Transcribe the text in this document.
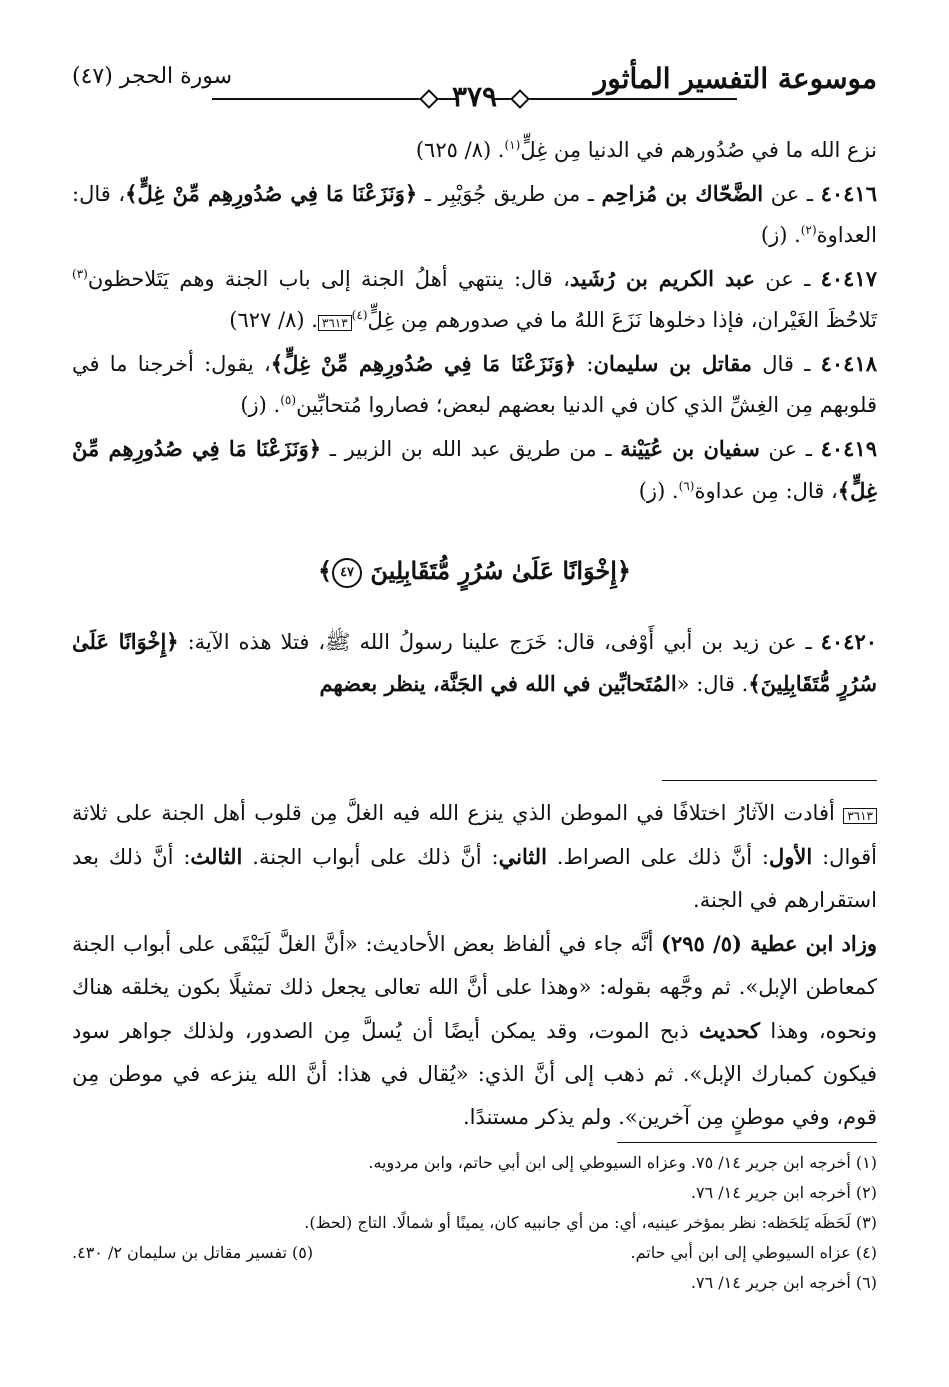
موسوعة التفسير المأثور
سورة الحجر (٤٧)
٣٧٩

نزع الله ما في صُدُورهم في الدنيا مِن غِلٍّ$^{(١)}$. (٨/ ٦٢٥)

٤٠٤١٦ ـ عن الضَّحّاك بن مُزاحِم ـ من طريق جُوَيْبِر ـ ﴿وَنَزَعْنَا مَا فِي صُدُورِهِم مِّنْ غِلٍّ﴾، قال: العداوة$^{(٢)}$. (ز)

٤٠٤١٧ ـ عن عبد الكريم بن رُشَيد، قال: ينتهي أهلُ الجنة إلى باب الجنة وهم يَتَلاحظون$^{(٣)}$ تَلاحُظَ الغَيْران، فإذا دخلوها نَزَعَ اللهُ ما في صدورهم مِن غِلٍّ$^{(٤)}$٣٦١٣. (٨/ ٦٢٧)

٤٠٤١٨ ـ قال مقاتل بن سليمان: ﴿وَنَزَعْنَا مَا فِي صُدُورِهِم مِّنْ غِلٍّ﴾، يقول: أخرجنا ما في قلوبهم مِن الغِشِّ الذي كان في الدنيا بعضهم لبعض؛ فصاروا مُتحابِّين$^{(٥)}$. (ز)

٤٠٤١٩ ـ عن سفيان بن عُيَيْنة ـ من طريق عبد الله بن الزبير ـ ﴿وَنَزَعْنَا مَا فِي صُدُورِهِم مِّنْ غِلٍّ﴾، قال: مِن عداوة$^{(٦)}$. (ز)

﴿إِخْوَانًا عَلَىٰ سُرُرٍ مُّتَقَابِلِينَ ٤٧﴾

٤٠٤٢٠ ـ عن زيد بن أبي أَوْفى، قال: خَرَج علينا رسولُ الله ﷺ، فتلا هذه الآية: ﴿إِخْوَانًا عَلَىٰ سُرُرٍ مُّتَقَابِلِينَ﴾. قال: «المُتَحابِّين في الله في الجَنَّة، ينظر بعضهم

٣٦١٣ أفادت الآثارُ اختلافًا في الموطن الذي ينزع الله فيه الغلَّ مِن قلوب أهل الجنة على ثلاثة أقوال: الأول: أنَّ ذلك على الصراط. الثاني: أنَّ ذلك على أبواب الجنة. الثالث: أنَّ ذلك بعد استقرارهم في الجنة.

وزاد ابن عطية (٥/ ٢٩٥) أنَّه جاء في ألفاظ بعض الأحاديث: «أنَّ الغلَّ لَيَبْقَى على أبواب الجنة كمعاطن الإبل». ثم وجَّهه بقوله: «وهذا على أنَّ الله تعالى يجعل ذلك تمثيلًا بكون يخلقه هناك ونحوه، وهذا كحديث ذبح الموت، وقد يمكن أيضًا أن يُسلَّ مِن الصدور، ولذلك جواهر سود فيكون كمبارك الإبل». ثم ذهب إلى أنَّ الذي: «يُقال في هذا: أنَّ الله ينزعه في موطن مِن قوم، وفي موطنٍ مِن آخرين». ولم يذكر مستندًا.

(١) أخرجه ابن جرير ١٤/ ٧٥. وعزاه السيوطي إلى ابن أبي حاتم، وابن مردويه.
(٢) أخرجه ابن جرير ١٤/ ٧٦.
(٣) لَحَظَه يَلحَظه: نظر بمؤخر عينيه، أي: من أي جانبيه كان، يمينًا أو شمالًا. التاج (لحظ).
(٤) عزاه السيوطي إلى ابن أبي حاتم.
(٥) تفسير مقاتل بن سليمان ٢/ ٤٣٠.
(٦) أخرجه ابن جرير ١٤/ ٧٦.
